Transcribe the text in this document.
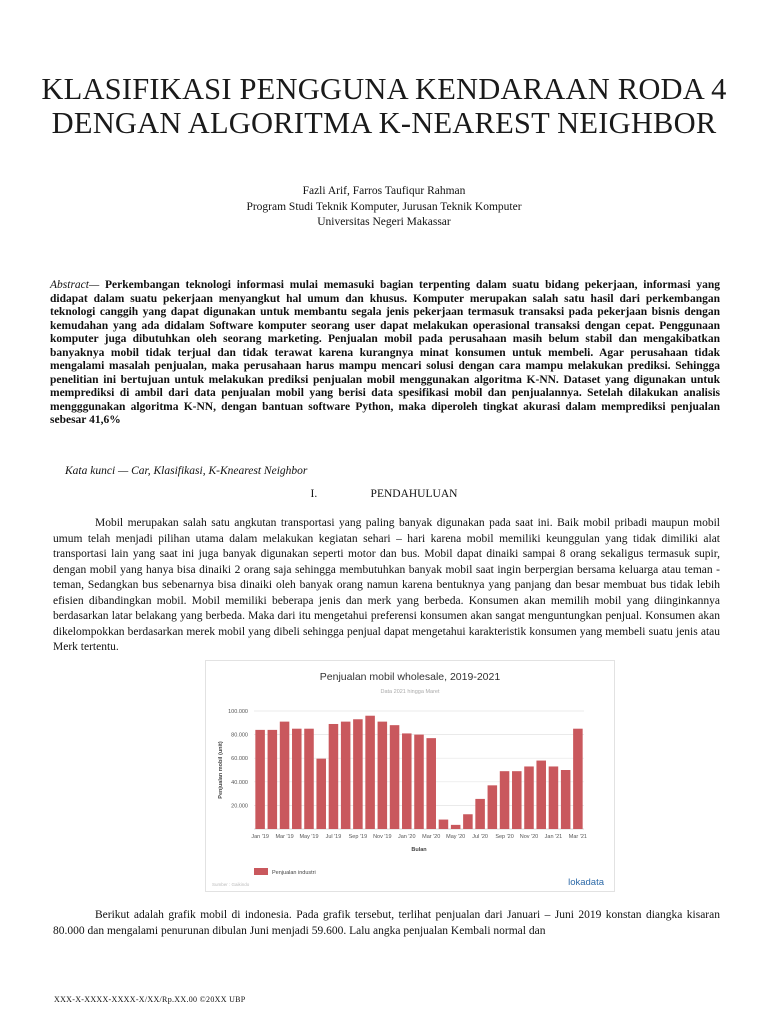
KLASIFIKASI PENGGUNA KENDARAAN RODA 4 DENGAN ALGORITMA K-NEAREST NEIGHBOR
Fazli Arif, Farros Taufiqur Rahman
Program Studi Teknik Komputer, Jurusan Teknik Komputer
Universitas Negeri Makassar
Abstract— Perkembangan teknologi informasi mulai memasuki bagian terpenting dalam suatu bidang pekerjaan, informasi yang didapat dalam suatu pekerjaan menyangkut hal umum dan khusus. Komputer merupakan salah satu hasil dari perkembangan teknologi canggih yang dapat digunakan untuk membantu segala jenis pekerjaan termasuk transaksi pada pekerjaan bisnis dengan kemudahan yang ada didalam Software komputer seorang user dapat melakukan operasional transaksi dengan cepat. Penggunaan komputer juga dibutuhkan oleh seorang marketing. Penjualan mobil pada perusahaan masih belum stabil dan mengakibatkan banyaknya mobil tidak terjual dan tidak terawat karena kurangnya minat konsumen untuk membeli. Agar perusahaan tidak mengalami masalah penjualan, maka perusahaan harus mampu mencari solusi dengan cara mampu melakukan prediksi. Sehingga penelitian ini bertujuan untuk melakukan prediksi penjualan mobil menggunakan algoritma K-NN. Dataset yang digunakan untuk memprediksi di ambil dari data penjualan mobil yang berisi data spesifikasi mobil dan penjualannya. Setelah dilakukan analisis mengggunakan algoritma K-NN, dengan bantuan software Python, maka diperoleh tingkat akurasi dalam memprediksi penjualan sebesar 41,6%
Kata kunci — Car, Klasifikasi, K-Knearest Neighbor
I.	PENDAHULUAN
Mobil merupakan salah satu angkutan transportasi yang paling banyak digunakan pada saat ini. Baik mobil pribadi maupun mobil umum telah menjadi pilihan utama dalam melakukan kegiatan sehari – hari karena mobil memiliki keunggulan yang tidak dimiliki alat transportasi lain yang saat ini juga banyak digunakan seperti motor dan bus. Mobil dapat dinaiki sampai 8 orang sekaligus termasuk supir, dengan mobil yang hanya bisa dinaiki 2 orang saja sehingga membutuhkan banyak mobil saat ingin berpergian bersama keluarga atau teman - teman, Sedangkan bus sebenarnya bisa dinaiki oleh banyak orang namun karena bentuknya yang panjang dan besar membuat bus tidak lebih efisien dibandingkan mobil. Mobil memiliki beberapa jenis dan merk yang berbeda. Konsumen akan memilih mobil yang diinginkannya berdasarkan latar belakang yang berbeda. Maka dari itu mengetahui preferensi konsumen akan sangat menguntungkan penjual. Konsumen akan dikelompokkan berdasarkan merek mobil yang dibeli sehingga penjual dapat mengetahui karakteristik konsumen yang membeli suatu jenis atau Merk tertentu.
Penjualan mobil wholesale, 2019-2021
Data 2021 hingga Maret
20.000
40.000
60.000
80.000
100.000
Jan '19 Mar '19 May '19 Jul '19 Sep '19 Nov '19 Jan '20 Mar '20 May '20 Jul '20 Sep '20 Nov '20 Jan '21 Mar '21
Bulan
Penjualan mobil (unit)
Penjualan industri
Sumber : Gaikindo	lokadata
Berikut adalah grafik mobil di indonesia. Pada grafik tersebut, terlihat penjualan dari Januari – Juni 2019 konstan diangka kisaran 80.000 dan mengalami penurunan dibulan Juni menjadi 59.600. Lalu angka penjualan Kembali normal dan
XXX-X-XXXX-XXXX-X/XX/Rp.XX.00 ©20XX UBP
